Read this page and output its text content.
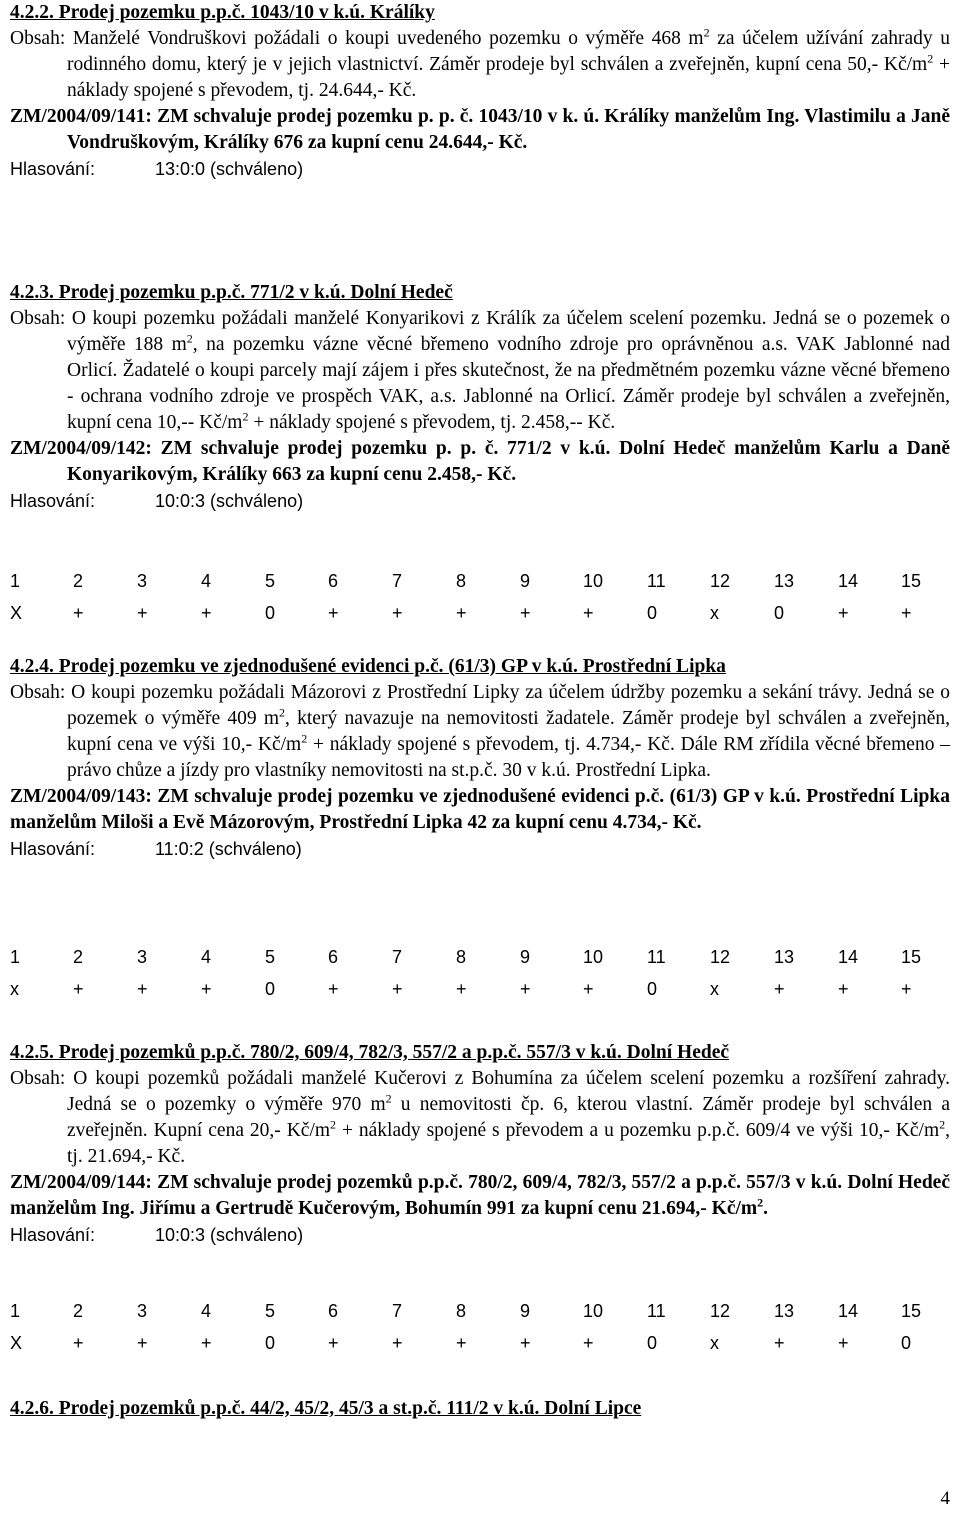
4.2.2. Prodej pozemku p.p.č. 1043/10 v k.ú. Králíky

Obsah: Manželé Vondruškovi požádali o koupi uvedeného pozemku o výměře 468 $m^2$ za účelem užívání zahrady u rodinného domu, který je v jejich vlastnictví. Záměr prodeje byl schválen a zveřejněn, kupní cena 50,- $Kč/m^2$ + náklady spojené s převodem, tj. 24.644,- Kč.

ZM/2004/09/141: ZM schvaluje prodej pozemku p. p. č. 1043/10 v k. ú. Králíky manželům Ing. Vlastimilu a Janě Vondruškovým, Králíky 676 za kupní cenu 24.644,- Kč.

Hlasování:	13:0:0 (schváleno)

4.2.3. Prodej pozemku p.p.č. 771/2 v k.ú. Dolní Hedeč

Obsah: O koupi pozemku požádali manželé Konyarikovi z Králík za účelem scelení pozemku. Jedná se o pozemek o výměře 188 $m^2$, na pozemku vázne věcné břemeno vodního zdroje pro oprávněnou a.s. VAK Jablonné nad Orlicí. Žadatelé o koupi parcely mají zájem i přes skutečnost, že na předmětném pozemku vázne věcné břemeno - ochrana vodního zdroje ve prospěch VAK, a.s. Jablonné na Orlicí. Záměr prodeje byl schválen a zveřejněn, kupní cena 10,-- $Kč/m^2$ + náklady spojené s převodem, tj. 2.458,-- Kč.

ZM/2004/09/142: ZM schvaluje prodej pozemku p. p. č. 771/2 v k.ú. Dolní Hedeč manželům Karlu a Daně Konyarikovým, Králíky 663 za kupní cenu 2.458,- Kč.

Hlasování:	10:0:3 (schváleno)

1	2	3	4	5	6	7	8	9	10 11 12 13 14 15
X	+	+	+	0	+	+	+	+	+	0	x	0	+	+

4.2.4. Prodej pozemku ve zjednodušené evidenci p.č. (61/3) GP v k.ú. Prostřední Lipka

Obsah: O koupi pozemku požádali Mázorovi z Prostřední Lipky za účelem údržby pozemku a sekání trávy. Jedná se o pozemek o výměře 409 $m^2$, který navazuje na nemovitosti žadatele. Záměr prodeje byl schválen a zveřejněn, kupní cena ve výši 10,- $Kč/m^2$ + náklady spojené s převodem, tj. 4.734,- Kč. Dále RM zřídila věcné břemeno – právo chůze a jízdy pro vlastníky nemovitosti na st.p.č. 30 v k.ú. Prostřední Lipka.

ZM/2004/09/143: ZM schvaluje prodej pozemku ve zjednodušené evidenci p.č. (61/3) GP v k.ú. Prostřední Lipka manželům Miloši a Evě Mázorovým, Prostřední Lipka 42 za kupní cenu 4.734,- Kč.

Hlasování:	11:0:2 (schváleno)

1	2	3	4	5	6	7	8	9	10 11 12 13 14 15
x	+	+	+	0	+	+	+	+	+	0	x	+	+	+

4.2.5. Prodej pozemků p.p.č. 780/2, 609/4, 782/3, 557/2 a p.p.č. 557/3 v k.ú. Dolní Hedeč

Obsah: O koupi pozemků požádali manželé Kučerovi z Bohumína za účelem scelení pozemku a rozšíření zahrady. Jedná se o pozemky o výměře 970 $m^2$ u nemovitosti čp. 6, kterou vlastní. Záměr prodeje byl schválen a zveřejněn. Kupní cena 20,- $Kč/m^2$ + náklady spojené s převodem a u pozemku p.p.č. 609/4 ve výši 10,- $Kč/m^2$, tj. 21.694,- Kč.

ZM/2004/09/144: ZM schvaluje prodej pozemků p.p.č. 780/2, 609/4, 782/3, 557/2 a p.p.č. 557/3 v k.ú. Dolní Hedeč manželům Ing. Jiřímu a Gertrudě Kučerovým, Bohumín 991 za kupní cenu 21.694,- $Kč/m^2$.

Hlasování:	10:0:3 (schváleno)

1	2	3	4	5	6	7	8	9	10 11 12 13 14 15
X	+	+	+	0	+	+	+	+	+	0	x	+	+	0

4.2.6. Prodej pozemků p.p.č. 44/2, 45/2, 45/3 a st.p.č. 111/2 v k.ú. Dolní Lipce

4
